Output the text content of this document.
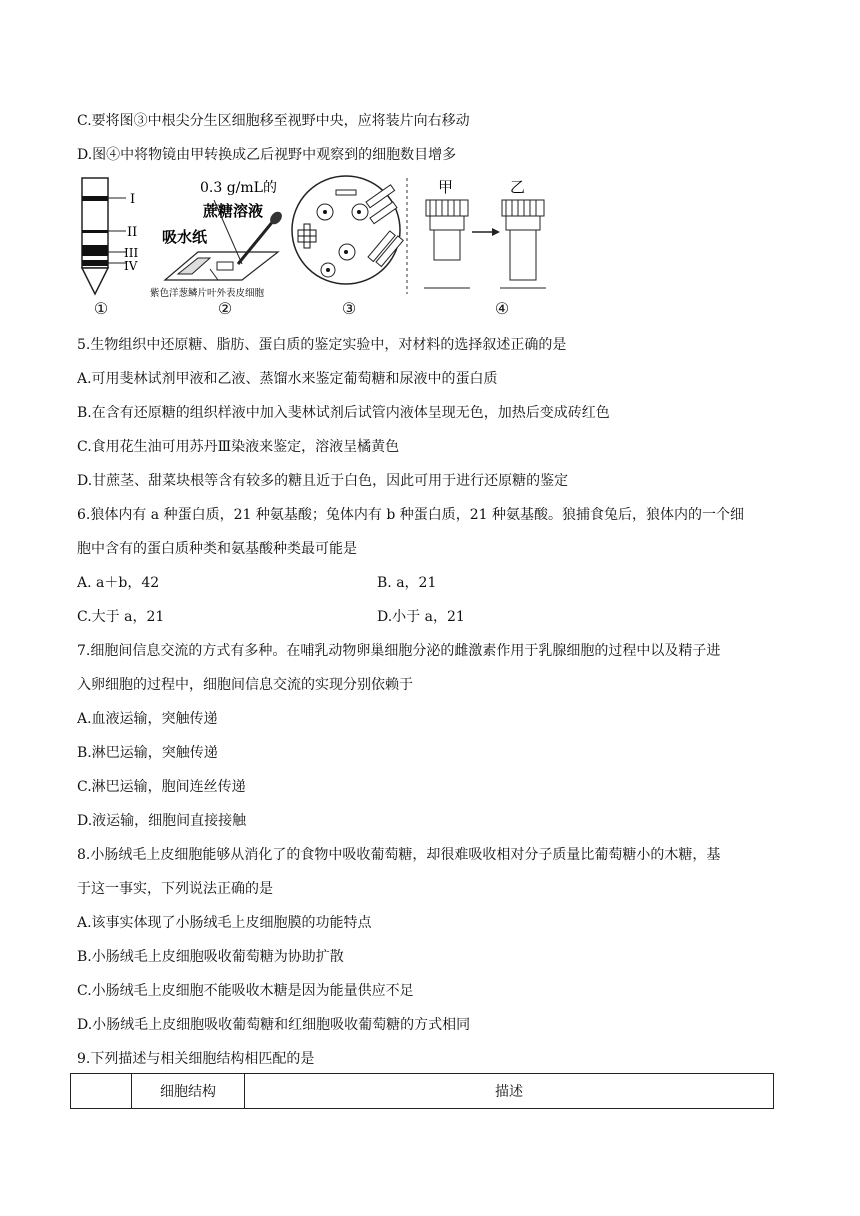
C.要将图③中根尖分生区细胞移至视野中央，应将装片向右移动

D.图④中将物镜由甲转换成乙后视野中观察到的细胞数目增多

I
II
III
IV
0.3 g/mL的
蔗糖溶液
吸水纸
紫色洋葱鳞片叶外表皮细胞
甲	乙
①	②	③	④

5.生物组织中还原糖、脂肪、蛋白质的鉴定实验中，对材料的选择叙述正确的是

A.可用斐林试剂甲液和乙液、蒸馏水来鉴定葡萄糖和尿液中的蛋白质

B.在含有还原糖的组织样液中加入斐林试剂后试管内液体呈现无色，加热后变成砖红色

C.食用花生油可用苏丹Ⅲ染液来鉴定，溶液呈橘黄色

D.甘蔗茎、甜菜块根等含有较多的糖且近于白色，因此可用于进行还原糖的鉴定

6.狼体内有 a 种蛋白质，21 种氨基酸；兔体内有 b 种蛋白质，21 种氨基酸。狼捕食兔后，狼体内的一个细

胞中含有的蛋白质种类和氨基酸种类最可能是

A. a＋b，42	B. a，21
C.大于 a，21	D.小于 a，21

7.细胞间信息交流的方式有多种。在哺乳动物卵巢细胞分泌的雌激素作用于乳腺细胞的过程中以及精子进

入卵细胞的过程中，细胞间信息交流的实现分别依赖于

A.血液运输，突触传递

B.淋巴运输，突触传递

C.淋巴运输，胞间连丝传递

D.液运输，细胞间直接接触

8.小肠绒毛上皮细胞能够从消化了的食物中吸收葡萄糖，却很难吸收相对分子质量比葡萄糖小的木糖，基

于这一事实，下列说法正确的是

A.该事实体现了小肠绒毛上皮细胞膜的功能特点

B.小肠绒毛上皮细胞吸收葡萄糖为协助扩散

C.小肠绒毛上皮细胞不能吸收木糖是因为能量供应不足

D.小肠绒毛上皮细胞吸收葡萄糖和红细胞吸收葡萄糖的方式相同

9.下列描述与相关细胞结构相匹配的是

	细胞结构	描述
